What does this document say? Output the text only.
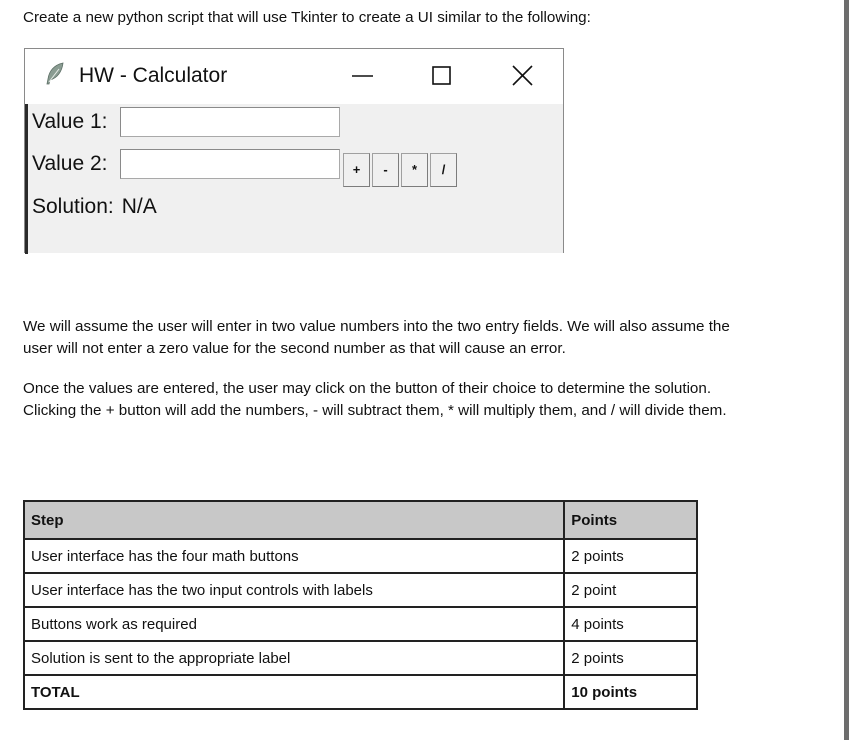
Create a new python script that will use Tkinter to create a UI similar to the following:
HW - Calculator
Value 1:
Value 2:	+	-	*	/
Solution: N/A
We will assume the user will enter in two value numbers into the two entry fields. We will also assume the user will not enter a zero value for the second number as that will cause an error.
Once the values are entered, the user may click on the button of their choice to determine the solution. Clicking the + button will add the numbers, - will subtract them, * will multiply them, and / will divide them.
Step	Points
User interface has the four math buttons	2 points
User interface has the two input controls with labels	2 point
Buttons work as required	4 points
Solution is sent to the appropriate label	2 points
TOTAL	10 points
